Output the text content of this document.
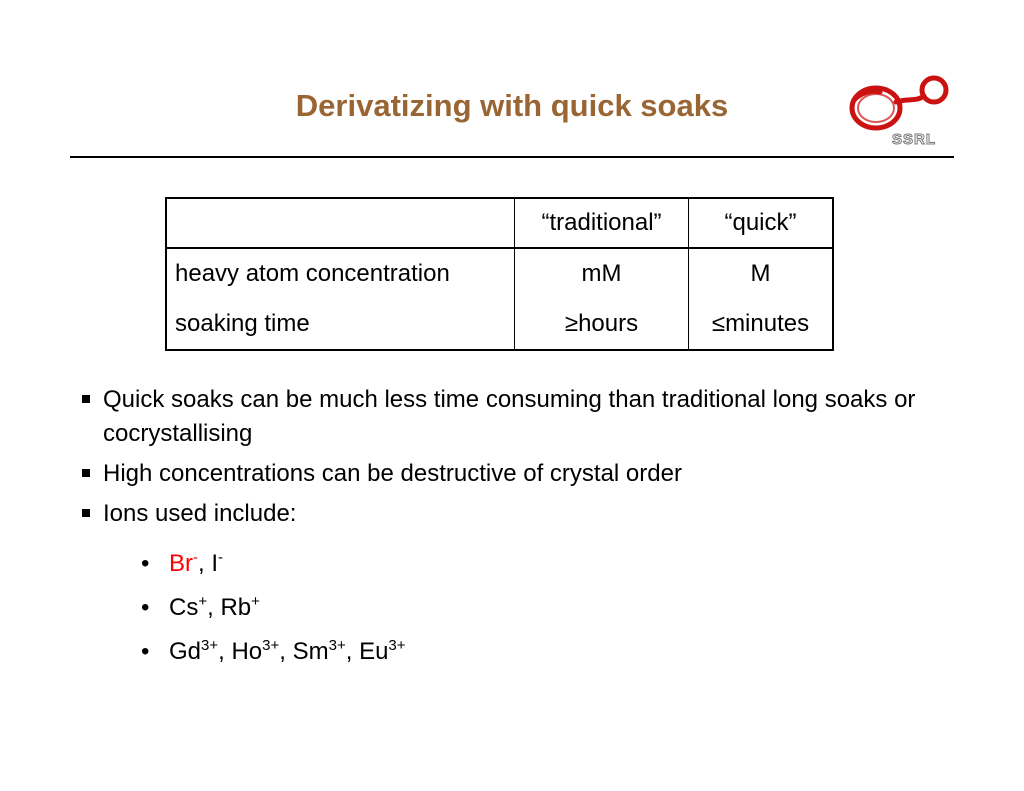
Derivatizing with quick soaks
SSRL
	“traditional”	“quick”
heavy atom concentration	mM	M
soaking time	≥hours	≤minutes
Quick soaks can be much less time consuming than traditional long soaks or cocrystallising
High concentrations can be destructive of crystal order
Ions used include:
• Br-, I-
• Cs+, Rb+
• $Gd^{3+}$, $Ho^{3+}$, $Sm^{3+}$, $Eu^{3+}$
